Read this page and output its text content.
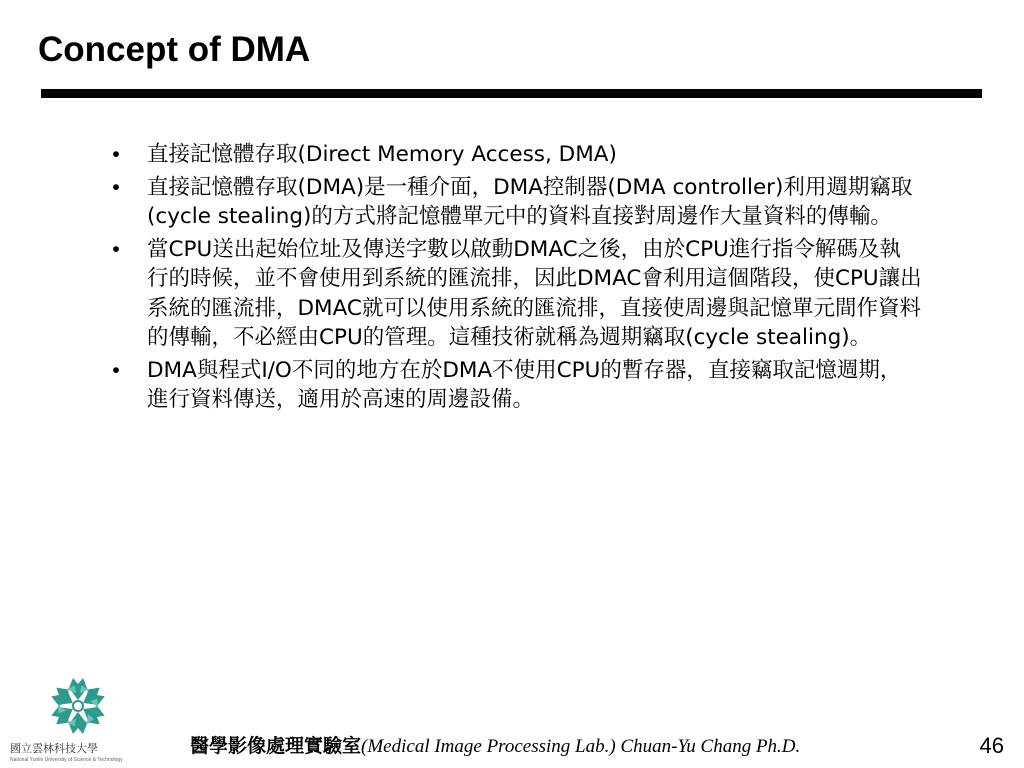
Concept of DMA
• 直接記憶體存取(Direct Memory Access, DMA)
• 直接記憶體存取(DMA)是一種介面，DMA控制器(DMA controller)利用週期竊取(cycle stealing)的方式將記憶體單元中的資料直接對周邊作大量資料的傳輸。
• 當CPU送出起始位址及傳送字數以啟動DMAC之後，由於CPU進行指令解碼及執行的時候，並不會使用到系統的匯流排，因此DMAC會利用這個階段，使CPU讓出系統的匯流排，DMAC就可以使用系統的匯流排，直接使周邊與記憶單元間作資料的傳輸，不必經由CPU的管理。這種技術就稱為週期竊取(cycle stealing)。
• DMA與程式I/O不同的地方在於DMA不使用CPU的暫存器，直接竊取記憶週期，進行資料傳送，適用於高速的周邊設備。
國立雲林科技大學
National Yunlin University of Science & Technology
醫學影像處理實驗室(Medical Image Processing Lab.) Chuan-Yu Chang Ph.D.	46
